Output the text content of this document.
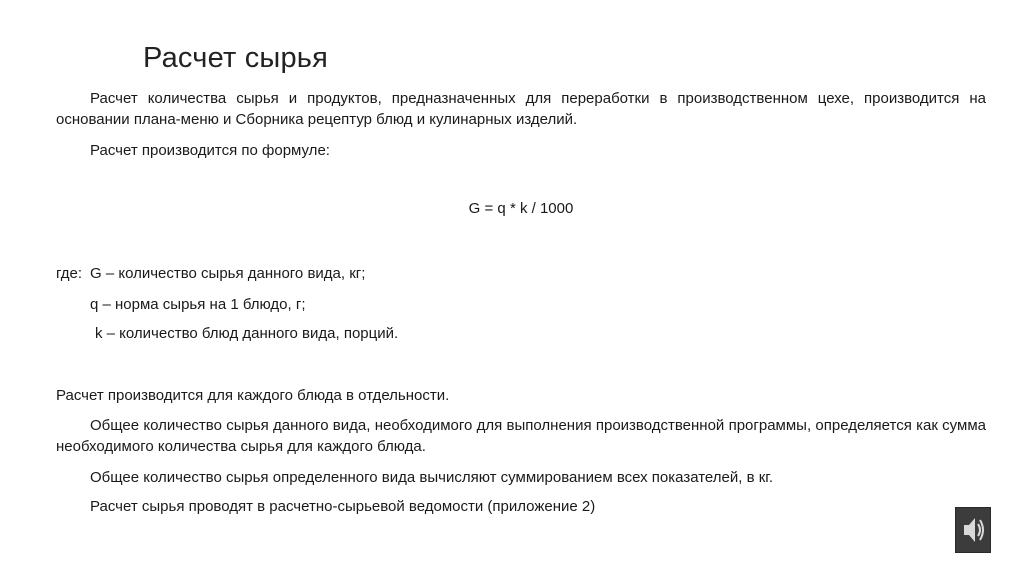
Расчет сырья

Расчет количества сырья и продуктов, предназначенных для переработки в производственном цехе, производится на основании плана-меню и Сборника рецептур блюд и кулинарных изделий.

Расчет производится по формуле:

G = q * k / 1000
где: G – количество сырья данного вида, кг;
q – норма сырья на 1 блюдо, г;
k – количество блюд данного вида, порций.

Расчет производится для каждого блюда в отдельности.

Общее количество сырья данного вида, необходимого для выполнения производственной программы, определяется как сумма необходимого количества сырья для каждого блюда.

Общее количество сырья определенного вида вычисляют суммированием всех показателей, в кг.

Расчет сырья проводят в расчетно-сырьевой ведомости (приложение 2)
